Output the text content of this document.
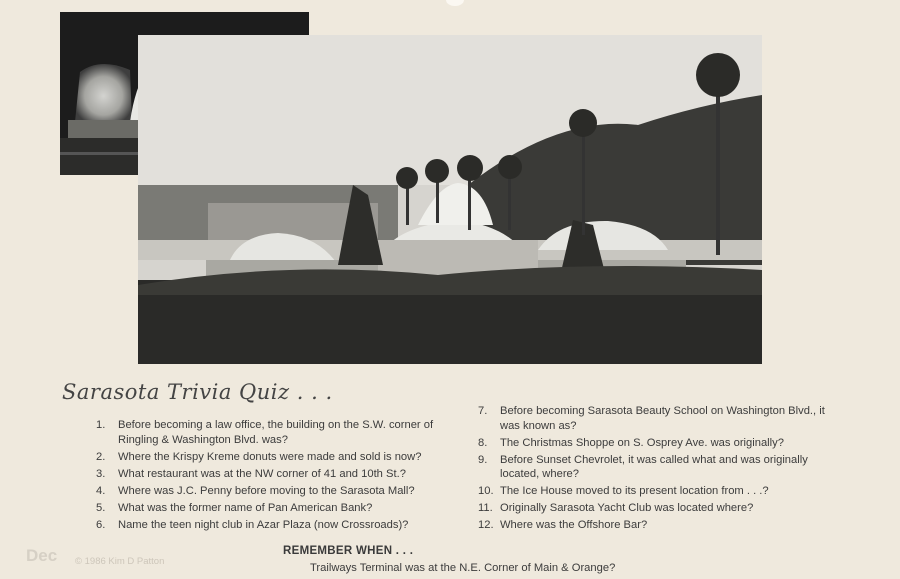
Sarasota Trivia Quiz . . .
1.	Before becoming a law office, the building on the S.W. corner of Ringling & Washington Blvd. was?
2.	Where the Krispy Kreme donuts were made and sold is now?
3.	What restaurant was at the NW corner of 41 and 10th St.?
4.	Where was J.C. Penny before moving to the Sarasota Mall?
5.	What was the former name of Pan American Bank?
6.	Name the teen night club in Azar Plaza (now Crossroads)?
7.	Before becoming Sarasota Beauty School on Washington Blvd., it was known as?
8.	The Christmas Shoppe on S. Osprey Ave. was originally?
9.	Before Sunset Chevrolet, it was called what and was originally located, where?
10. The Ice House moved to its present location from . . .?
11. Originally Sarasota Yacht Club was located where?
12. Where was the Offshore Bar?
REMEMBER WHEN . . .
Trailways Terminal was at the N.E. Corner of Main & Orange?
Dec © 1986 Kim D Patton
